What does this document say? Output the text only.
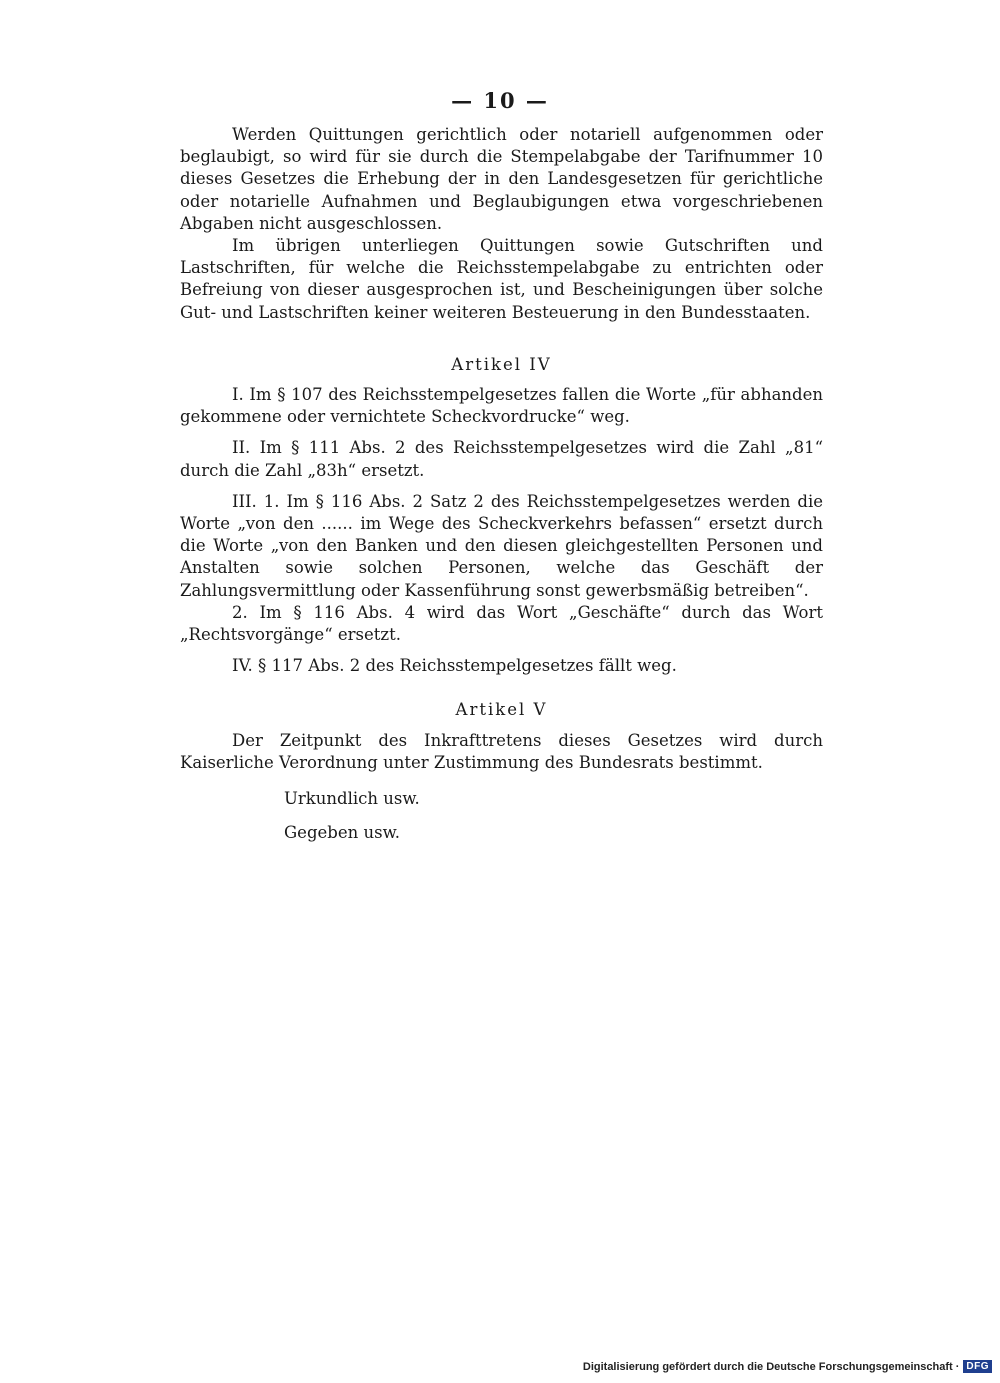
— 10 —

Werden Quittungen gerichtlich oder notariell aufgenommen oder beglaubigt, so wird für sie durch die Stempelabgabe der Tarifnummer 10 dieses Gesetzes die Erhebung der in den Landesgesetzen für gerichtliche oder notarielle Aufnahmen und Beglaubigungen etwa vorgeschriebenen Abgaben nicht ausgeschlossen.

Im übrigen unterliegen Quittungen sowie Gutschriften und Lastschriften, für welche die Reichsstempelabgabe zu entrichten oder Befreiung von dieser ausgesprochen ist, und Bescheinigungen über solche Gut- und Lastschriften keiner weiteren Besteuerung in den Bundesstaaten.

Artikel IV

I. Im § 107 des Reichsstempelgesetzes fallen die Worte „für abhanden gekommene oder vernichtete Scheckvordrucke“ weg.

II. Im § 111 Abs. 2 des Reichsstempelgesetzes wird die Zahl „81“ durch die Zahl „83h“ ersetzt.

III. 1. Im § 116 Abs. 2 Satz 2 des Reichsstempelgesetzes werden die Worte „von den ...... im Wege des Scheckverkehrs befassen“ ersetzt durch die Worte „von den Banken und den diesen gleichgestellten Personen und Anstalten sowie solchen Personen, welche das Geschäft der Zahlungsvermittlung oder Kassenführung sonst gewerbsmäßig betreiben“.

2. Im § 116 Abs. 4 wird das Wort „Geschäfte“ durch das Wort „Rechtsvorgänge“ ersetzt.

IV. § 117 Abs. 2 des Reichsstempelgesetzes fällt weg.

Artikel V

Der Zeitpunkt des Inkrafttretens dieses Gesetzes wird durch Kaiserliche Verordnung unter Zustimmung des Bundesrats bestimmt.

Urkundlich usw.

Gegeben usw.

Digitalisierung gefördert durch die Deutsche Forschungsgemeinschaft · DFG
